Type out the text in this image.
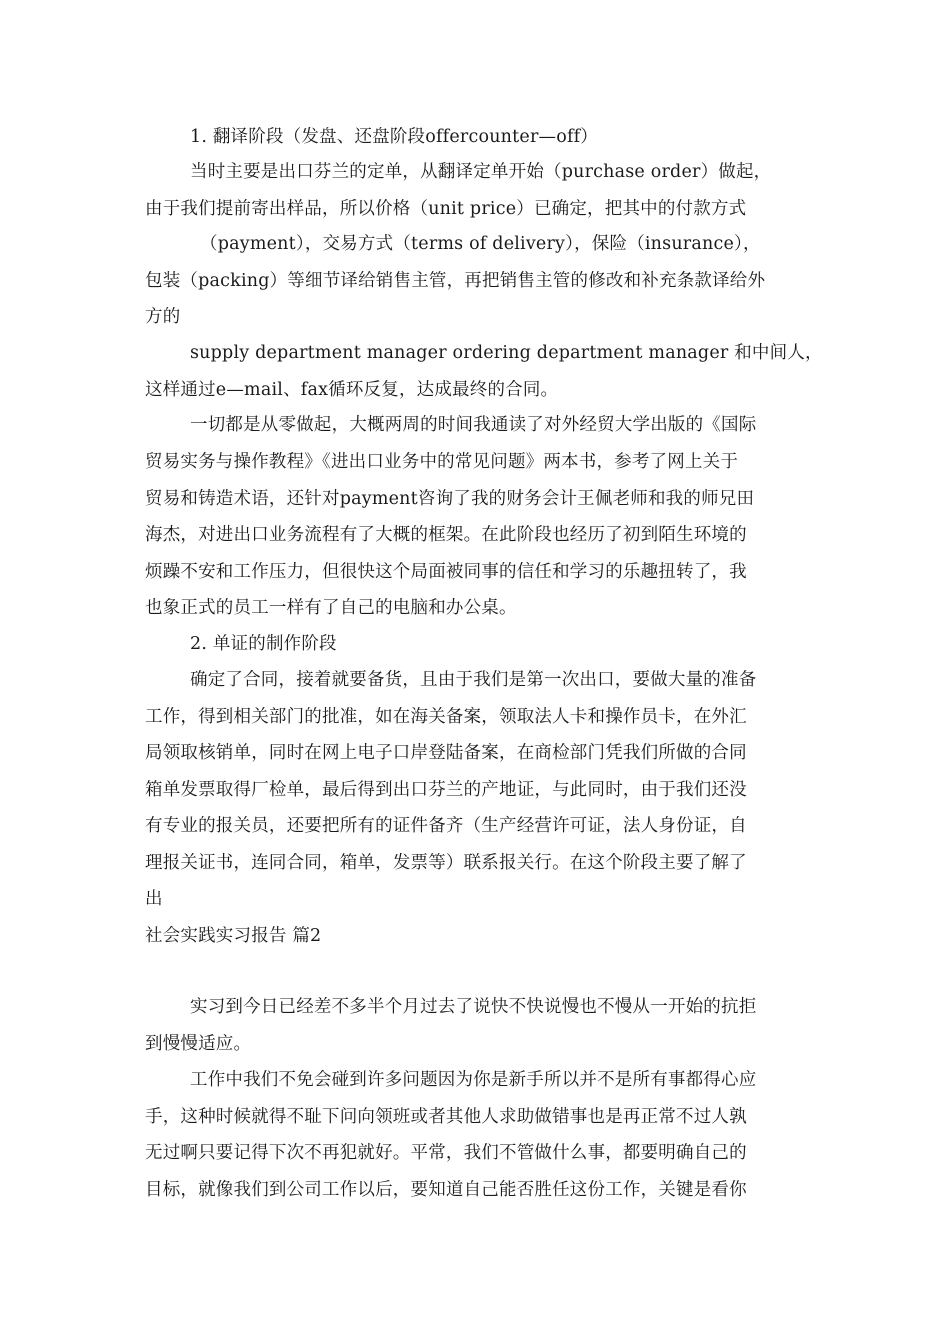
1. 翻译阶段（发盘、还盘阶段offercounter—off）
当时主要是出口芬兰的定单，从翻译定单开始（purchase order）做起，
由于我们提前寄出样品，所以价格（unit price）已确定，把其中的付款方式
（payment），交易方式（terms of delivery），保险（insurance），
包装（packing）等细节译给销售主管，再把销售主管的修改和补充条款译给外
方的
supply department manager ordering department manager 和中间人，
这样通过e—mail、fax循环反复，达成最终的合同。
一切都是从零做起，大概两周的时间我通读了对外经贸大学出版的《国际
贸易实务与操作教程》《进出口业务中的常见问题》两本书，参考了网上关于
贸易和铸造术语，还针对payment咨询了我的财务会计王佩老师和我的师兄田
海杰，对进出口业务流程有了大概的框架。在此阶段也经历了初到陌生环境的
烦躁不安和工作压力，但很快这个局面被同事的信任和学习的乐趣扭转了，我
也象正式的员工一样有了自己的电脑和办公桌。
2. 单证的制作阶段
确定了合同，接着就要备货，且由于我们是第一次出口，要做大量的准备
工作，得到相关部门的批准，如在海关备案，领取法人卡和操作员卡，在外汇
局领取核销单，同时在网上电子口岸登陆备案，在商检部门凭我们所做的合同
箱单发票取得厂检单，最后得到出口芬兰的产地证，与此同时，由于我们还没
有专业的报关员，还要把所有的证件备齐（生产经营许可证，法人身份证，自
理报关证书，连同合同，箱单，发票等）联系报关行。在这个阶段主要了解了
出
社会实践实习报告 篇2
实习到今日已经差不多半个月过去了说快不快说慢也不慢从一开始的抗拒
到慢慢适应。
工作中我们不免会碰到许多问题因为你是新手所以并不是所有事都得心应
手，这种时候就得不耻下问向领班或者其他人求助做错事也是再正常不过人孰
无过啊只要记得下次不再犯就好。平常，我们不管做什么事，都要明确自己的
目标，就像我们到公司工作以后，要知道自己能否胜任这份工作，关键是看你
